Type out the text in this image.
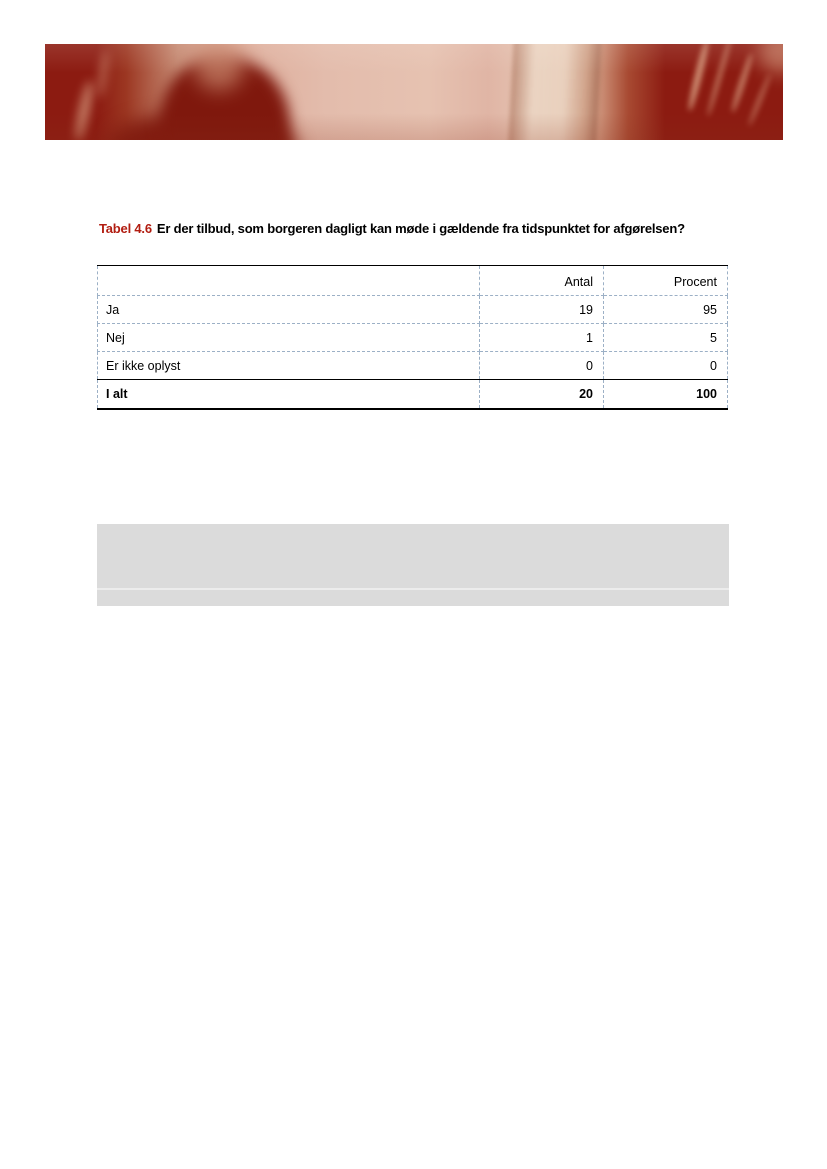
Tabel 4.6 Er der tilbud, som borgeren dagligt kan møde i gældende fra tidspunktet for afgørelsen?
	Antal	Procent
Ja	19	95
Nej	1	5
Er ikke oplyst	0	0
I alt	20	100
